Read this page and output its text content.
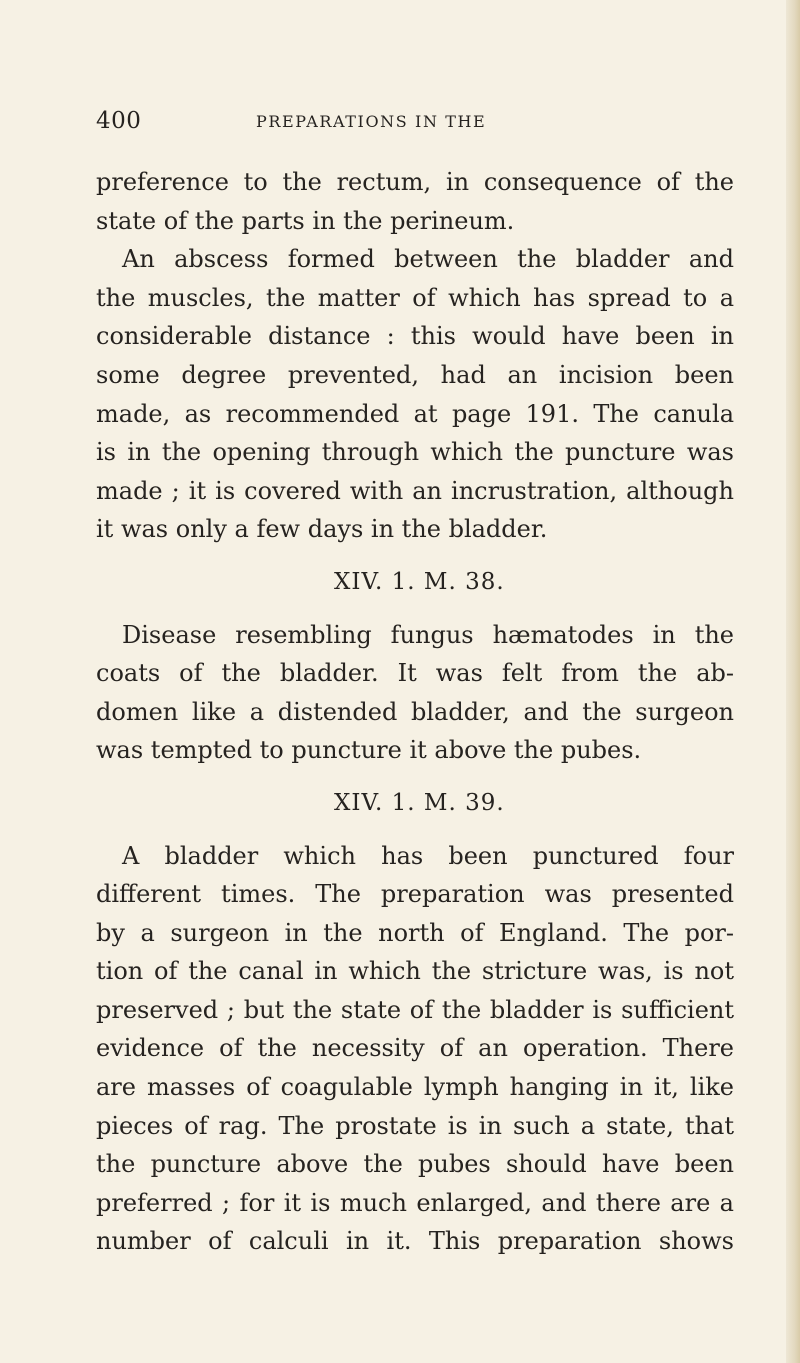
400	PREPARATIONS IN THE
preference to the rectum, in consequence of the
state of the parts in the perineum.
An abscess formed between the bladder and
the muscles, the matter of which has spread to a
considerable distance : this would have been in
some degree prevented, had an incision been
made, as recommended at page 191. The canula
is in the opening through which the puncture was
made ; it is covered with an incrustration, although
it was only a few days in the bladder.
XIV. 1. M. 38.
Disease resembling fungus hæmatodes in the
coats of the bladder. It was felt from the ab-
domen like a distended bladder, and the surgeon
was tempted to puncture it above the pubes.
XIV. 1. M. 39.
A bladder which has been punctured four
different times. The preparation was presented
by a surgeon in the north of England. The por-
tion of the canal in which the stricture was, is not
preserved ; but the state of the bladder is sufficient
evidence of the necessity of an operation. There
are masses of coagulable lymph hanging in it, like
pieces of rag. The prostate is in such a state, that
the puncture above the pubes should have been
preferred ; for it is much enlarged, and there are a
number of calculi in it. This preparation shows
